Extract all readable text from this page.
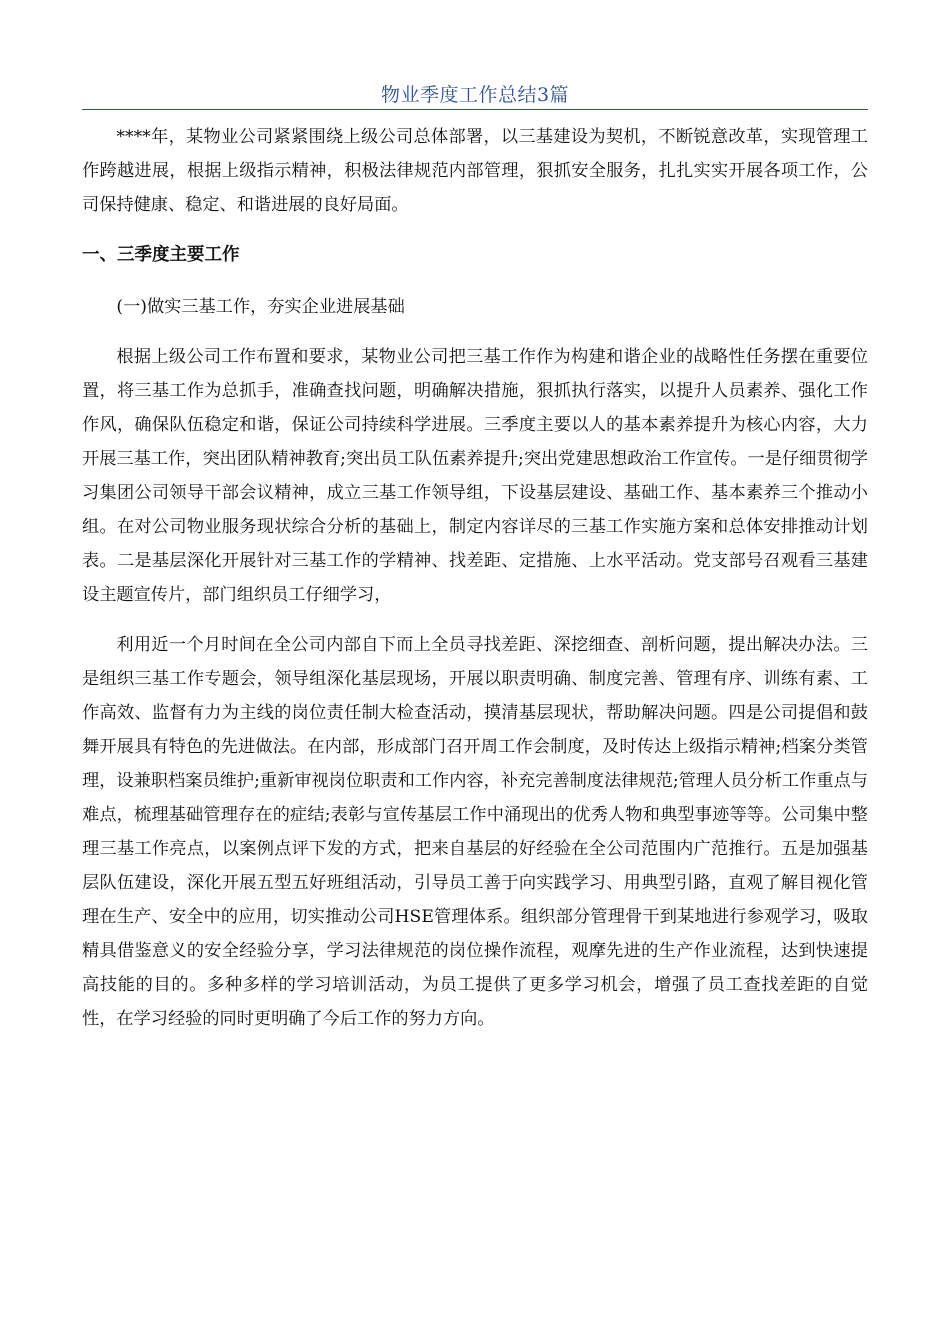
物业季度工作总结3篇

****年，某物业公司紧紧围绕上级公司总体部署，以三基建设为契机，不断锐意改革，实现管理工作跨越进展，根据上级指示精神，积极法律规范内部管理，狠抓安全服务，扎扎实实开展各项工作，公司保持健康、稳定、和谐进展的良好局面。

一、三季度主要工作

(一)做实三基工作，夯实企业进展基础

根据上级公司工作布置和要求，某物业公司把三基工作作为构建和谐企业的战略性任务摆在重要位置，将三基工作为总抓手，准确查找问题，明确解决措施，狠抓执行落实，以提升人员素养、强化工作作风，确保队伍稳定和谐，保证公司持续科学进展。三季度主要以人的基本素养提升为核心内容，大力开展三基工作，突出团队精神教育;突出员工队伍素养提升;突出党建思想政治工作宣传。一是仔细贯彻学习集团公司领导干部会议精神，成立三基工作领导组，下设基层建设、基础工作、基本素养三个推动小组。在对公司物业服务现状综合分析的基础上，制定内容详尽的三基工作实施方案和总体安排推动计划表。二是基层深化开展针对三基工作的学精神、找差距、定措施、上水平活动。党支部号召观看三基建设主题宣传片，部门组织员工仔细学习，

利用近一个月时间在全公司内部自下而上全员寻找差距、深挖细查、剖析问题，提出解决办法。三是组织三基工作专题会，领导组深化基层现场，开展以职责明确、制度完善、管理有序、训练有素、工作高效、监督有力为主线的岗位责任制大检查活动，摸清基层现状，帮助解决问题。四是公司提倡和鼓舞开展具有特色的先进做法。在内部，形成部门召开周工作会制度，及时传达上级指示精神;档案分类管理，设兼职档案员维护;重新审视岗位职责和工作内容，补充完善制度法律规范;管理人员分析工作重点与难点，梳理基础管理存在的症结;表彰与宣传基层工作中涌现出的优秀人物和典型事迹等等。公司集中整理三基工作亮点，以案例点评下发的方式，把来自基层的好经验在全公司范围内广范推行。五是加强基层队伍建设，深化开展五型五好班组活动，引导员工善于向实践学习、用典型引路，直观了解目视化管理在生产、安全中的应用，切实推动公司HSE管理体系。组织部分管理骨干到某地进行参观学习，吸取精具借鉴意义的安全经验分享，学习法律规范的岗位操作流程，观摩先进的生产作业流程，达到快速提高技能的目的。多种多样的学习培训活动，为员工提供了更多学习机会，增强了员工查找差距的自觉性，在学习经验的同时更明确了今后工作的努力方向。
